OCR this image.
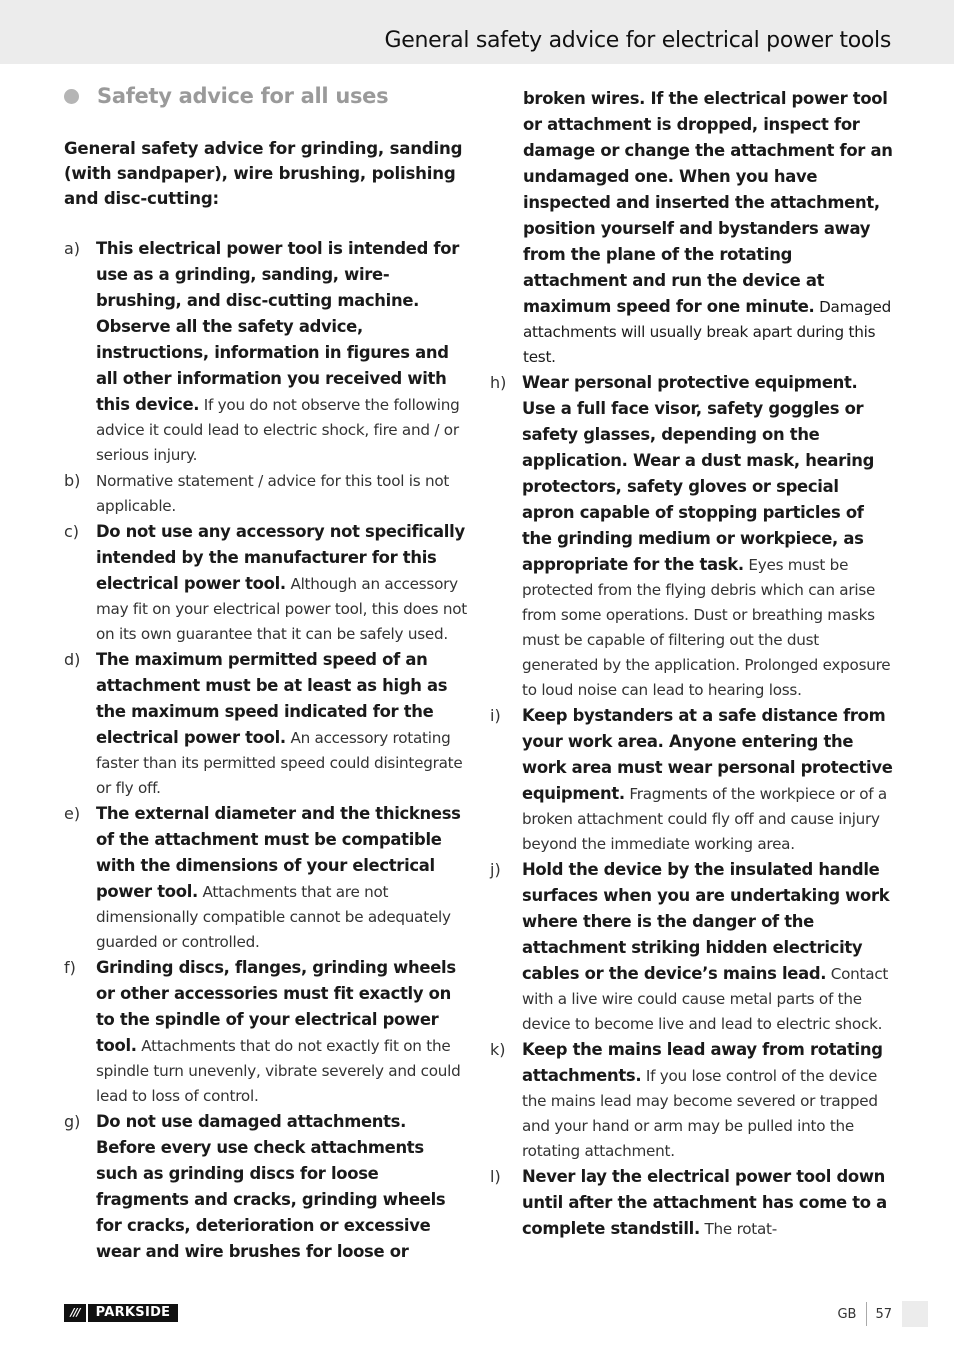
General safety advice for electrical power tools
Safety advice for all uses

General safety advice for grinding, sanding (with sandpaper), wire brushing, polishing and disc-cutting:

a) This electrical power tool is intended for use as a grinding, sanding, wire-brushing, and disc-cutting machine. Observe all the safety advice, instructions, information in figures and all other information you received with this device. If you do not observe the following advice it could lead to electric shock, fire and / or serious injury.
b)	Normative statement / advice for this tool is not applicable.
c)	Do not use any accessory not specifically intended by the manufacturer for this electrical power tool. Although an accessory may fit on your electrical power tool, this does not on its own guarantee that it can be safely used.
d) The maximum permitted speed of an attachment must be at least as high as the maximum speed indicated for the electrical power tool. An accessory rotating faster than its permitted speed could disintegrate or fly off.
e) The external diameter and the thickness of the attachment must be compatible with the dimensions of your electrical power tool. Attachments that are not dimensionally compatible cannot be adequately guarded or controlled.
f)	Grinding discs, flanges, grinding wheels or other accessories must fit exactly on to the spindle of your electrical power tool. Attachments that do not exactly fit on the spindle turn unevenly, vibrate severely and could lead to loss of control.
g) Do not use damaged attachments. Before every use check attachments such as grinding discs for loose fragments and cracks, grinding wheels for cracks, deterioration or excessive wear and wire brushes for loose or
broken wires. If the electrical power tool or attachment is dropped, inspect for damage or change the attachment for an undamaged one. When you have inspected and inserted the attachment, position yourself and bystanders away from the plane of the rotating attachment and run the device at maximum speed for one minute. Damaged attachments will usually break apart during this test.
h) Wear personal protective equipment. Use a full face visor, safety goggles or safety glasses, depending on the application. Wear a dust mask, hearing protectors, safety gloves or special apron capable of stopping particles of the grinding medium or workpiece, as appropriate for the task. Eyes must be protected from the flying debris which can arise from some operations. Dust or breathing masks must be capable of filtering out the dust generated by the application. Prolonged exposure to loud noise can lead to hearing loss.
i)	Keep bystanders at a safe distance from your work area. Anyone entering the work area must wear personal protective equipment. Fragments of the workpiece or of a broken attachment could fly off and cause injury beyond the immediate working area.
j)	Hold the device by the insulated handle surfaces when you are undertaking work where there is the danger of the attachment striking hidden electricity cables or the device’s mains lead. Contact with a live wire could cause metal parts of the device to become live and lead to electric shock.
k)	Keep the mains lead away from rotating attachments. If you lose control of the device the mains lead may become severed or trapped and your hand or arm may be pulled into the rotating attachment.
l)	Never lay the electrical power tool down until after the attachment has come to a complete standstill. The rotat-
///	PARKSIDE	GB 57
